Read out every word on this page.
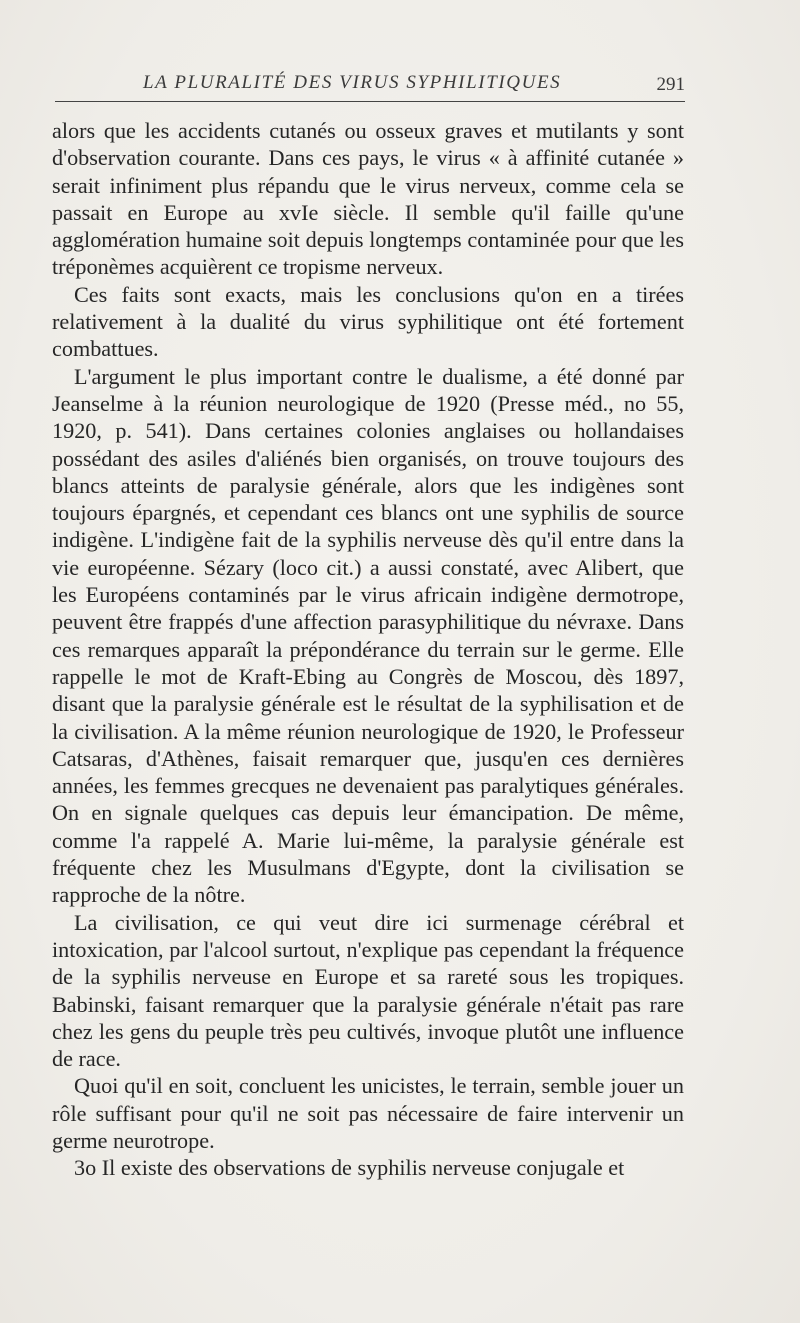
LA PLURALITÉ DES VIRUS SYPHILITIQUES	291

alors que les accidents cutanés ou osseux graves et mutilants y sont d'observation courante. Dans ces pays, le virus « à affinité cutanée » serait infiniment plus répandu que le virus nerveux, comme cela se passait en Europe au xvIe siècle. Il semble qu'il faille qu'une agglomération humaine soit depuis longtemps contaminée pour que les tréponèmes acquièrent ce tropisme nerveux.

Ces faits sont exacts, mais les conclusions qu'on en a tirées relativement à la dualité du virus syphilitique ont été fortement combattues.

L'argument le plus important contre le dualisme, a été donné par Jeanselme à la réunion neurologique de 1920 (Presse méd., no 55, 1920, p. 541). Dans certaines colonies anglaises ou hollandaises possédant des asiles d'aliénés bien organisés, on trouve toujours des blancs atteints de paralysie générale, alors que les indigènes sont toujours épargnés, et cependant ces blancs ont une syphilis de source indigène. L'indigène fait de la syphilis nerveuse dès qu'il entre dans la vie européenne. Sézary (loco cit.) a aussi constaté, avec Alibert, que les Européens contaminés par le virus africain indigène dermotrope, peuvent être frappés d'une affection parasyphilitique du névraxe. Dans ces remarques apparaît la prépondérance du terrain sur le germe. Elle rappelle le mot de Kraft-Ebing au Congrès de Moscou, dès 1897, disant que la paralysie générale est le résultat de la syphilisation et de la civilisation. A la même réunion neurologique de 1920, le Professeur Catsaras, d'Athènes, faisait remarquer que, jusqu'en ces dernières années, les femmes grecques ne devenaient pas paralytiques générales. On en signale quelques cas depuis leur émancipation. De même, comme l'a rappelé A. Marie lui-même, la paralysie générale est fréquente chez les Musulmans d'Egypte, dont la civilisation se rapproche de la nôtre.

La civilisation, ce qui veut dire ici surmenage cérébral et intoxication, par l'alcool surtout, n'explique pas cependant la fréquence de la syphilis nerveuse en Europe et sa rareté sous les tropiques. Babinski, faisant remarquer que la paralysie générale n'était pas rare chez les gens du peuple très peu cultivés, invoque plutôt une influence de race.

Quoi qu'il en soit, concluent les unicistes, le terrain, semble jouer un rôle suffisant pour qu'il ne soit pas nécessaire de faire intervenir un germe neurotrope.

3o Il existe des observations de syphilis nerveuse conjugale et
